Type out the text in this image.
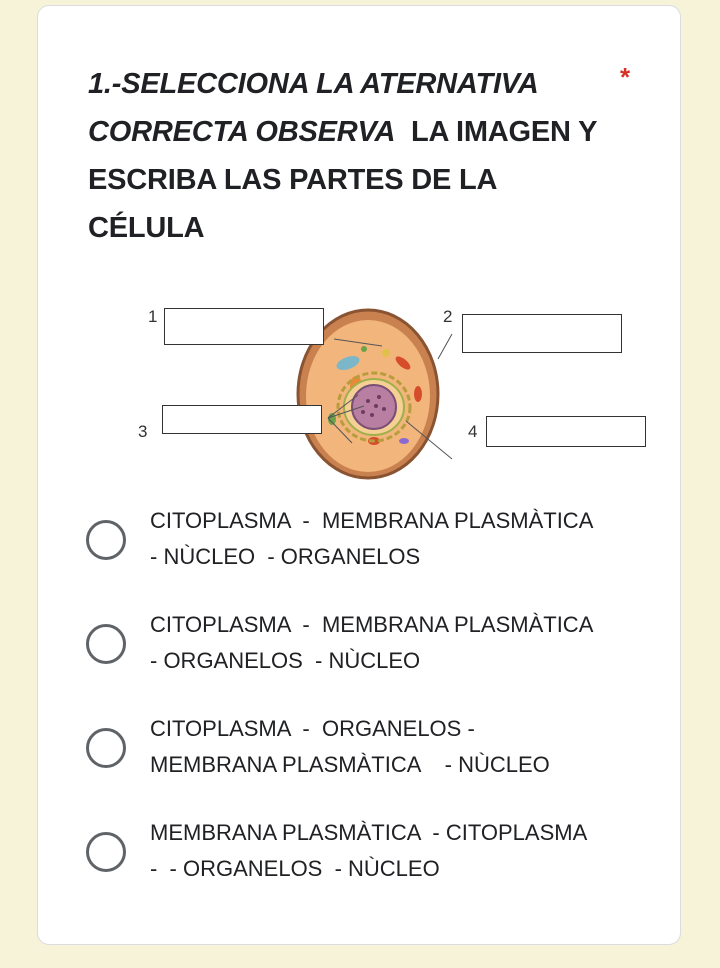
1.-SELECCIONA LA ATERNATIVA
CORRECTA OBSERVA  LA IMAGEN Y
ESCRIBA LAS PARTES DE LA
CÉLULA
*
1	2
3	4
CITOPLASMA  -  MEMBRANA PLASMÀTICA
- NÙCLEO  - ORGANELOS
CITOPLASMA  -  MEMBRANA PLASMÀTICA
- ORGANELOS  - NÙCLEO
CITOPLASMA  -  ORGANELOS -
MEMBRANA PLASMÀTICA    - NÙCLEO
MEMBRANA PLASMÀTICA  - CITOPLASMA
-  - ORGANELOS  - NÙCLEO
